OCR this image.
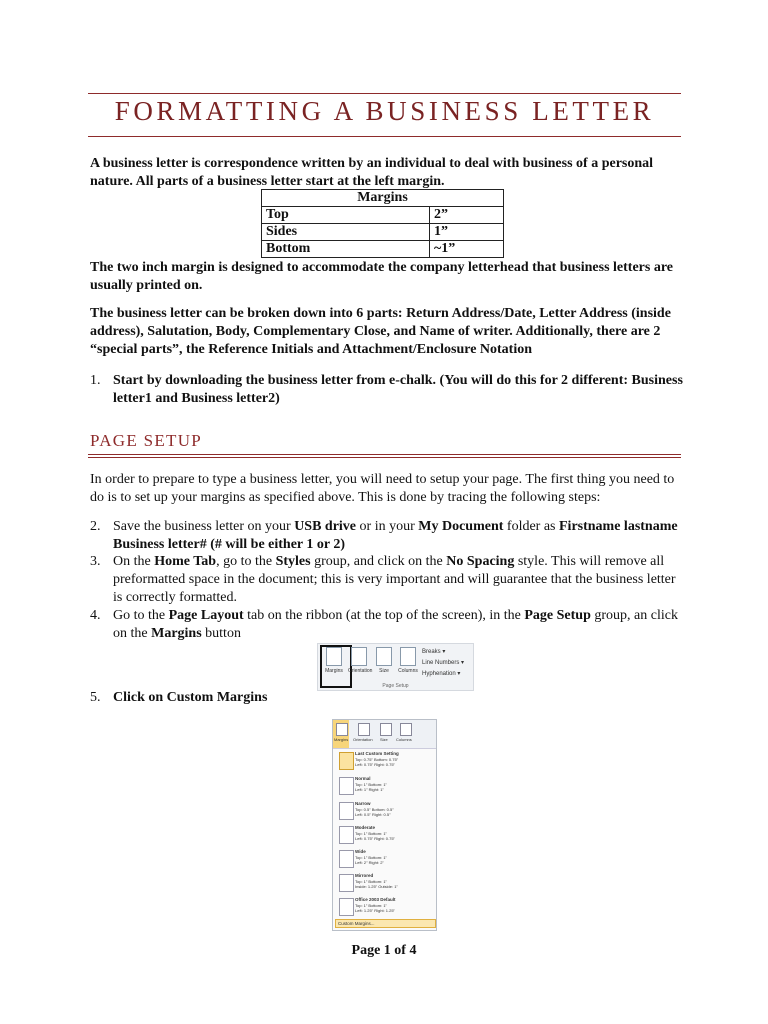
FORMATTING A BUSINESS LETTER
A business letter is correspondence written by an individual to deal with business of a personal nature. All parts of a business letter start at the left margin.
Margins	
Top	2”
Sides	1”
Bottom	~1”
The two inch margin is designed to accommodate the company letterhead that business letters are usually printed on.
The business letter can be broken down into 6 parts: Return Address/Date, Letter Address (inside address), Salutation, Body, Complementary Close, and Name of writer. Additionally, there are 2 “special parts”, the Reference Initials and Attachment/Enclosure Notation
1. Start by downloading the business letter from e-chalk. (You will do this for 2 different: Business letter1 and Business letter2)
PAGE SETUP
In order to prepare to type a business letter, you will need to setup your page. The first thing you need to do is to set up your margins as specified above. This is done by tracing the following steps:
2. Save the business letter on your USB drive or in your My Document folder as Firstname lastname Business letter# (# will be either 1 or 2)
3. On the Home Tab, go to the Styles group, and click on the No Spacing style. This will remove all preformatted space in the document; this is very important and will guarantee that the business letter is correctly formatted.
4. Go to the Page Layout tab on the ribbon (at the top of the screen), in the Page Setup group, an click on the Margins button
Margins	Orientation	Size	Columns
Breaks ▾
Line Numbers ▾
Hyphenation ▾
Page Setup
5. Click on Custom Margins
Margins Orientation Size Columns
Last Custom Setting
Top: 0.75" Bottom: 0.75"
Left: 0.75" Right: 0.75"
Normal
Top: 1" Bottom: 1"
Left: 1" Right: 1"
Narrow
Top: 0.5" Bottom: 0.5"
Left: 0.5" Right: 0.5"
Moderate
Top: 1" Bottom: 1"
Left: 0.75" Right: 0.75"
Wide
Top: 1" Bottom: 1"
Left: 2" Right: 2"
Mirrored
Top: 1" Bottom: 1"
Inside: 1.25" Outside: 1"
Office 2003 Default
Top: 1" Bottom: 1"
Left: 1.25" Right: 1.25"
Custom Margins...
Page 1 of 4
